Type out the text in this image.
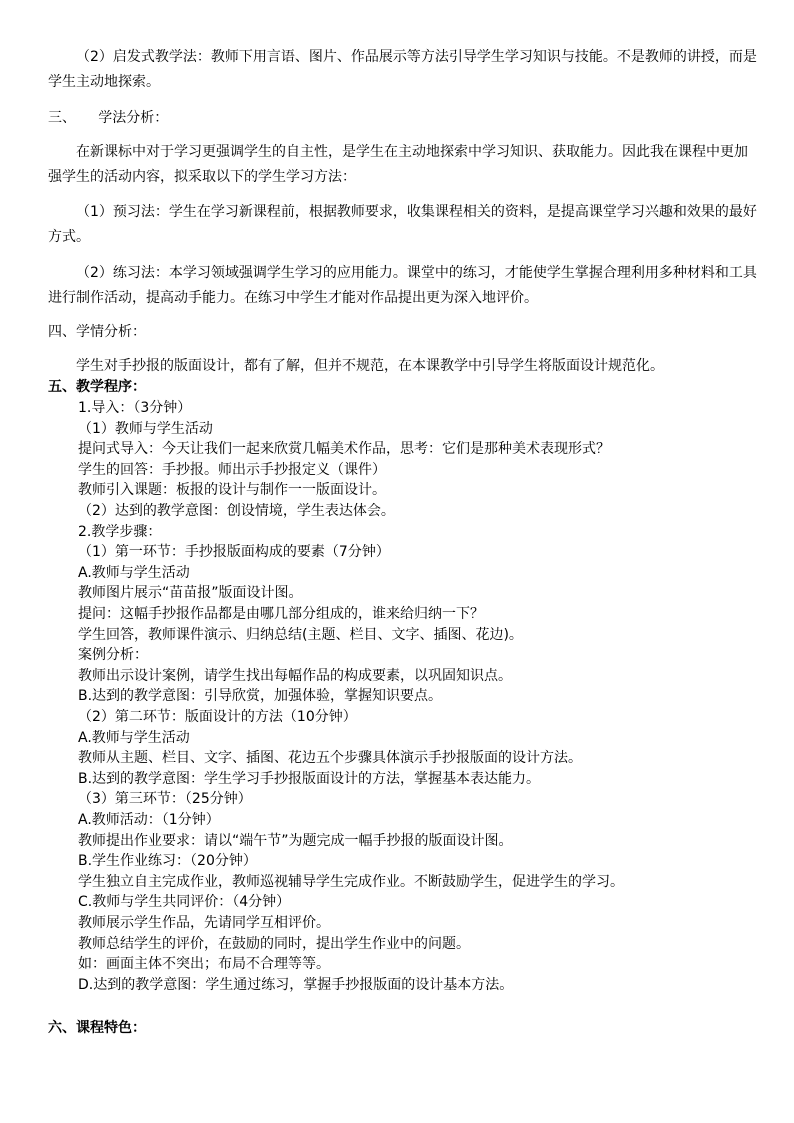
（2）启发式教学法：教师下用言语、图片、作品展示等方法引导学生学习知识与技能。不是教师的讲授，而是学生主动地探索。

三、     学法分析：

在新课标中对于学习更强调学生的自主性，是学生在主动地探索中学习知识、获取能力。因此我在课程中更加强学生的活动内容，拟采取以下的学生学习方法：

（1）预习法：学生在学习新课程前，根据教师要求，收集课程相关的资料，是提高课堂学习兴趣和效果的最好方式。

（2）练习法：本学习领域强调学生学习的应用能力。课堂中的练习，才能使学生掌握合理利用多种材料和工具进行制作活动，提高动手能力。在练习中学生才能对作品提出更为深入地评价。

四、学情分析：

学生对手抄报的版面设计，都有了解，但并不规范，在本课教学中引导学生将版面设计规范化。

五、教学程序：

1.导入：（3分钟）

（1）教师与学生活动

提问式导入：今天让我们一起来欣赏几幅美术作品，思考：它们是那种美术表现形式？

学生的回答：手抄报。师出示手抄报定义（课件）

教师引入课题：板报的设计与制作一一版面设计。

（2）达到的教学意图：创设情境，学生表达体会。

2.教学步骤：

（1）第一环节：手抄报版面构成的要素（7分钟）

A.教师与学生活动

教师图片展示“苗苗报”版面设计图。

提问：这幅手抄报作品都是由哪几部分组成的，谁来给归纳一下？

学生回答，教师课件演示、归纳总结(主题、栏目、文字、插图、花边)。

案例分析：

教师出示设计案例，请学生找出每幅作品的构成要素，以巩固知识点。

B.达到的教学意图：引导欣赏，加强体验，掌握知识要点。

（2）第二环节：版面设计的方法（10分钟）

A.教师与学生活动

教师从主题、栏目、文字、插图、花边五个步骤具体演示手抄报版面的设计方法。

B.达到的教学意图：学生学习手抄报版面设计的方法，掌握基本表达能力。

（3）第三环节：（25分钟）

A.教师活动：（1分钟）

教师提出作业要求：请以“端午节”为题完成一幅手抄报的版面设计图。

B.学生作业练习：（20分钟）

学生独立自主完成作业，教师巡视辅导学生完成作业。不断鼓励学生，促进学生的学习。

C.教师与学生共同评价：（4分钟）

教师展示学生作品，先请同学互相评价。

教师总结学生的评价，在鼓励的同时，提出学生作业中的问题。

如：画面主体不突出；布局不合理等等。

D.达到的教学意图：学生通过练习，掌握手抄报版面的设计基本方法。

六、课程特色：
